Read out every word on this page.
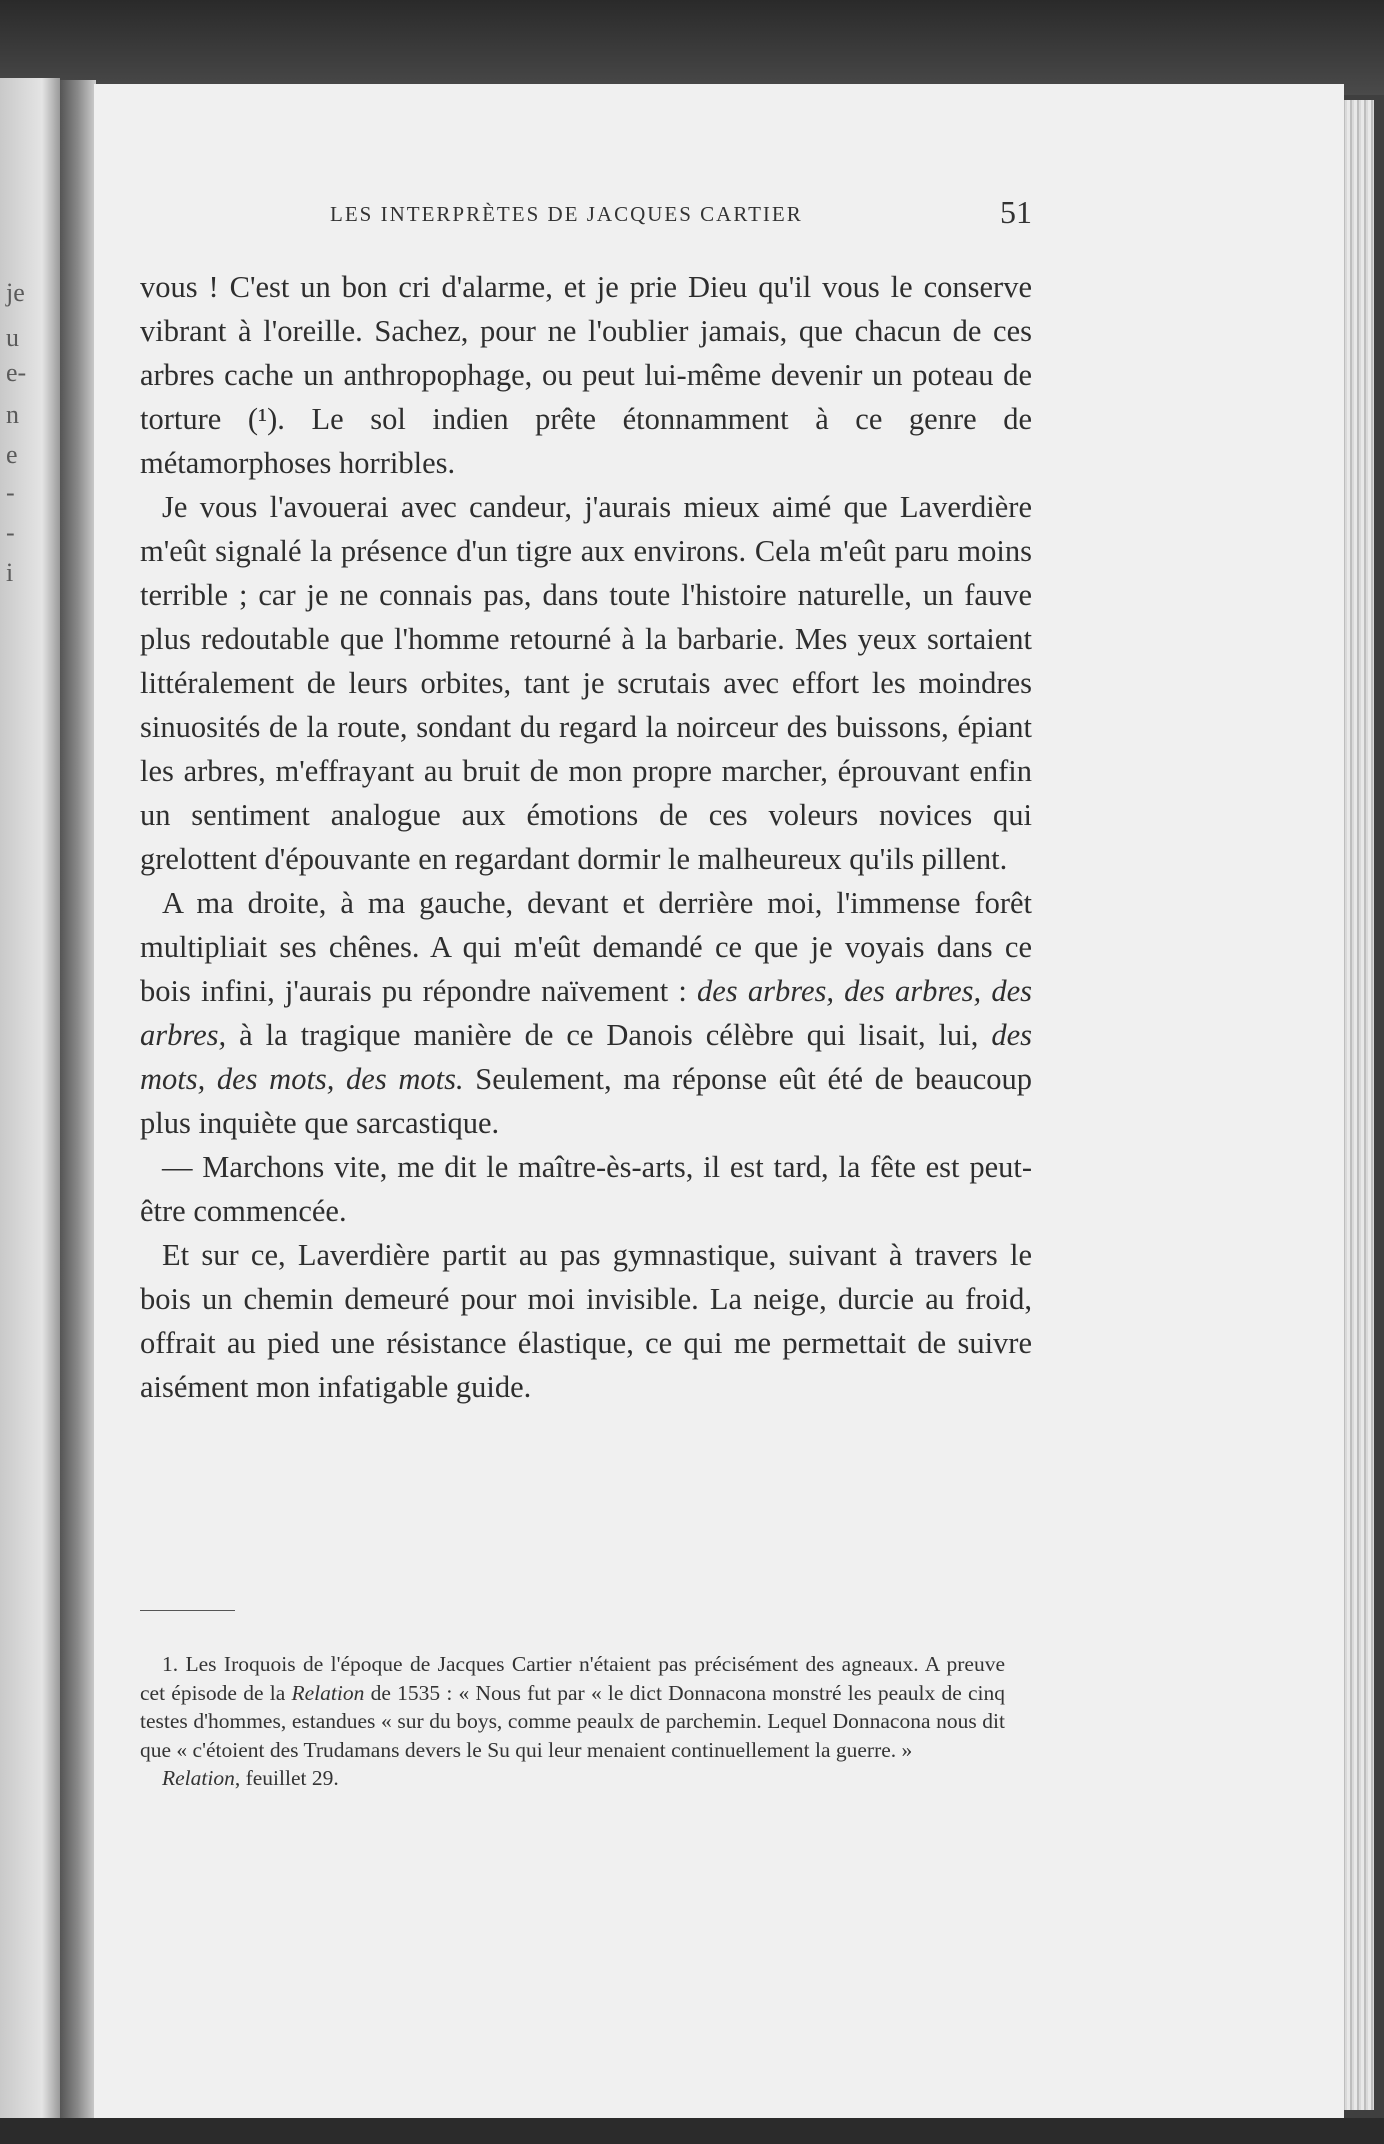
je
u
e-
n
e
-
-
i
LES INTERPRÈTES DE JACQUES CARTIER	51

vous ! C'est un bon cri d'alarme, et je prie Dieu qu'il vous le conserve vibrant à l'oreille. Sachez, pour ne l'oublier jamais, que chacun de ces arbres cache un anthropophage, ou peut lui-même devenir un poteau de torture (¹). Le sol indien prête étonnamment à ce genre de métamorphoses horribles.

Je vous l'avouerai avec candeur, j'aurais mieux aimé que Laverdière m'eût signalé la présence d'un tigre aux environs. Cela m'eût paru moins terrible ; car je ne connais pas, dans toute l'histoire naturelle, un fauve plus redoutable que l'homme retourné à la barbarie. Mes yeux sortaient littéralement de leurs orbites, tant je scrutais avec effort les moindres sinuosités de la route, sondant du regard la noirceur des buissons, épiant les arbres, m'effrayant au bruit de mon propre marcher, éprouvant enfin un sentiment analogue aux émotions de ces voleurs novices qui grelottent d'épouvante en regardant dormir le malheureux qu'ils pillent.

A ma droite, à ma gauche, devant et derrière moi, l'immense forêt multipliait ses chênes. A qui m'eût demandé ce que je voyais dans ce bois infini, j'aurais pu répondre naïvement : des arbres, des arbres, des arbres, à la tragique manière de ce Danois célèbre qui lisait, lui, des mots, des mots, des mots. Seulement, ma réponse eût été de beaucoup plus inquiète que sarcastique.

— Marchons vite, me dit le maître-ès-arts, il est tard, la fête est peut-être commencée.

Et sur ce, Laverdière partit au pas gymnastique, suivant à travers le bois un chemin demeuré pour moi invisible. La neige, durcie au froid, offrait au pied une résistance élastique, ce qui me permettait de suivre aisément mon infatigable guide.

1. Les Iroquois de l'époque de Jacques Cartier n'étaient pas précisément des agneaux. A preuve cet épisode de la Relation de 1535 : « Nous fut par « le dict Donnacona monstré les peaulx de cinq testes d'hommes, estandues « sur du boys, comme peaulx de parchemin. Lequel Donnacona nous dit que « c'étoient des Trudamans devers le Su qui leur menaient continuellement la guerre. »

Relation, feuillet 29.
